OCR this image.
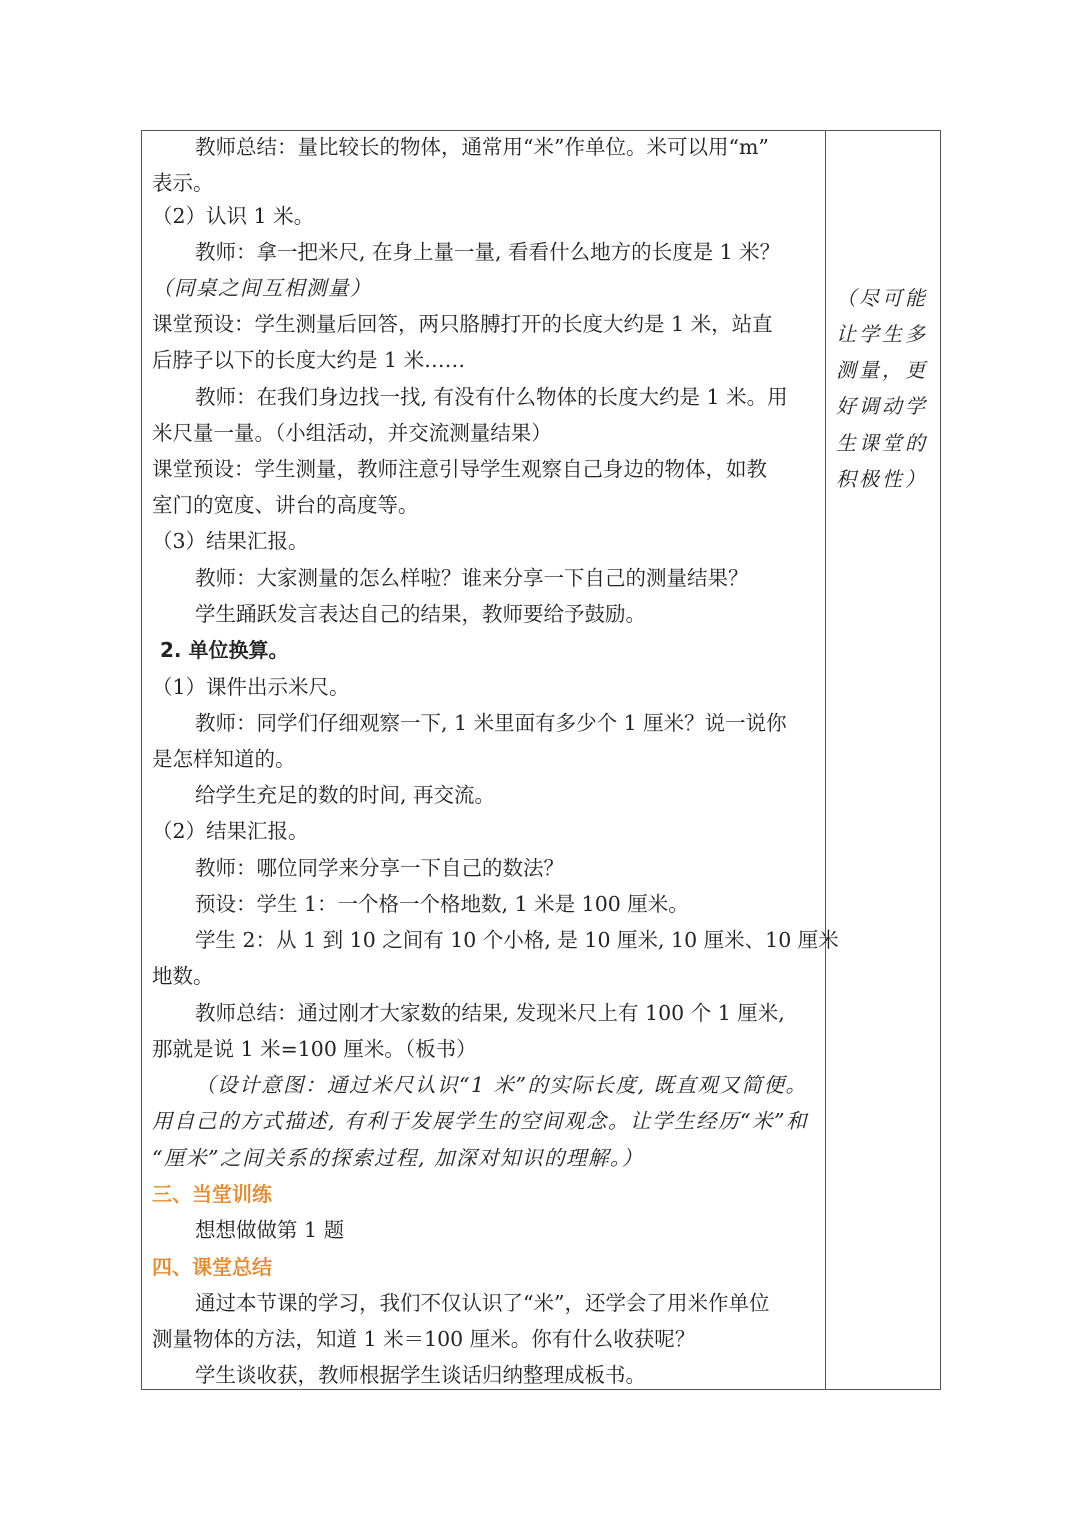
教师总结：量比较长的物体，通常用“米”作单位。米可以用“m”
表示。
（2）认识 1 米。
教师：拿一把米尺, 在身上量一量, 看看什么地方的长度是 1 米？
（同桌之间互相测量）
课堂预设：学生测量后回答，两只胳膊打开的长度大约是 1 米，站直
后脖子以下的长度大约是 1 米……
教师：在我们身边找一找, 有没有什么物体的长度大约是 1 米。用
米尺量一量。（小组活动，并交流测量结果）
课堂预设：学生测量，教师注意引导学生观察自己身边的物体，如教
室门的宽度、讲台的高度等。
（3）结果汇报。
教师：大家测量的怎么样啦？谁来分享一下自己的测量结果？
学生踊跃发言表达自己的结果，教师要给予鼓励。
2. 单位换算。
（1）课件出示米尺。
教师：同学们仔细观察一下, 1 米里面有多少个 1 厘米？说一说你
是怎样知道的。
给学生充足的数的时间, 再交流。
（2）结果汇报。
教师：哪位同学来分享一下自己的数法？
预设：学生 1：一个格一个格地数, 1 米是 100 厘米。
学生 2：从 1 到 10 之间有 10 个小格, 是 10 厘米, 10 厘米、10 厘米
地数。
教师总结：通过刚才大家数的结果, 发现米尺上有 100 个 1 厘米,
那就是说 1 米=100 厘米。（板书）
（设计意图：通过米尺认识“1 米”的实际长度, 既直观又简便。
用自己的方式描述, 有利于发展学生的空间观念。让学生经历“米”和
“厘米”之间关系的探索过程, 加深对知识的理解。）
三、当堂训练
想想做做第 1 题
四、课堂总结
通过本节课的学习，我们不仅认识了“米”，还学会了用米作单位
测量物体的方法，知道 1 米＝100 厘米。你有什么收获呢？
学生谈收获，教师根据学生谈话归纳整理成板书。
（尽可能
让学生多
测量，更
好调动学
生课堂的
积极性）
